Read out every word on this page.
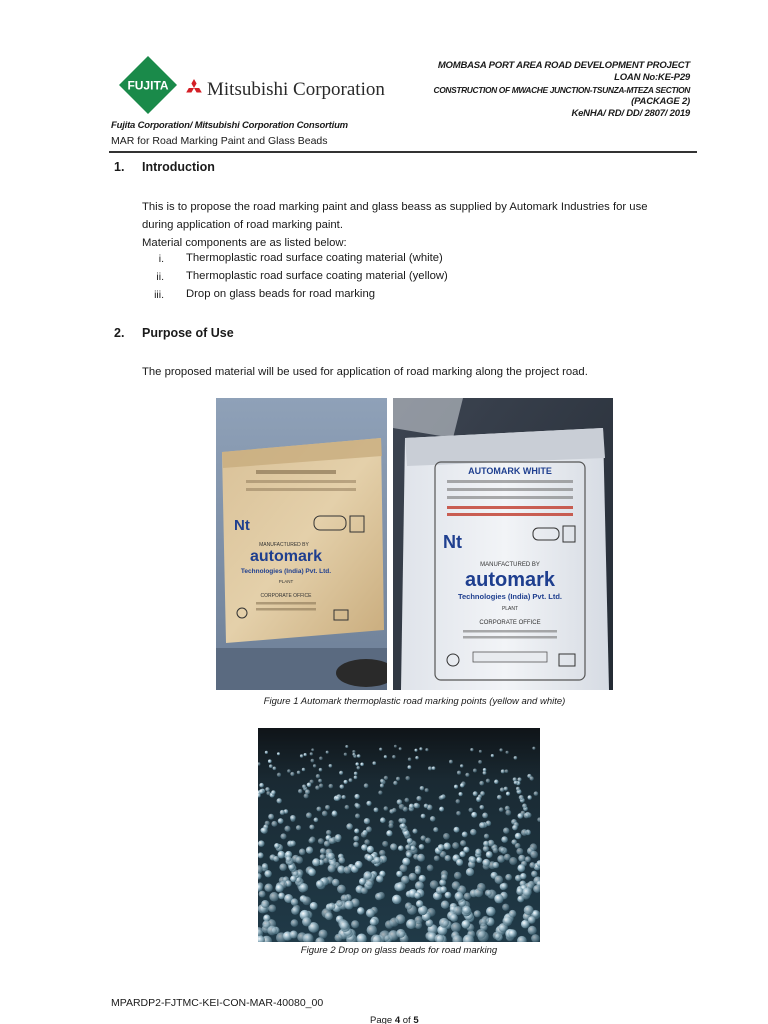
FUJITA Mitsubishi Corporation
MOMBASA PORT AREA ROAD DEVELOPMENT PROJECT
LOAN No:KE-P29
CONSTRUCTION OF MWACHE JUNCTION-TSUNZA-MTEZA SECTION
(PACKAGE 2)
KeNHA/ RD/ DD/ 2807/ 2019
Fujita Corporation/ Mitsubishi Corporation Consortium
MAR for Road Marking Paint and Glass Beads
1. Introduction
This is to propose the road marking paint and glass beass as supplied by Automark Industries for use
during application of road marking paint.
Material components are as listed below:
i. Thermoplastic road surface coating material (white)
ii. Thermoplastic road surface coating material (yellow)
iii. Drop on glass beads for road marking
2. Purpose of Use
The proposed material will be used for application of road marking along the project road.
Nt
MANUFACTURED BY
automark
Technologies (India) Pvt. Ltd.
PLANT
CORPORATE OFFICE
AUTOMARK WHITE
Nt
MANUFACTURED BY
automark
Technologies (India) Pvt. Ltd.
PLANT
CORPORATE OFFICE
Figure 1 Automark thermoplastic road marking points (yellow and white)
Figure 2 Drop on glass beads for road marking
MPARDP2-FJTMC-KEI-CON-MAR-40080_00
Page 4 of 5
